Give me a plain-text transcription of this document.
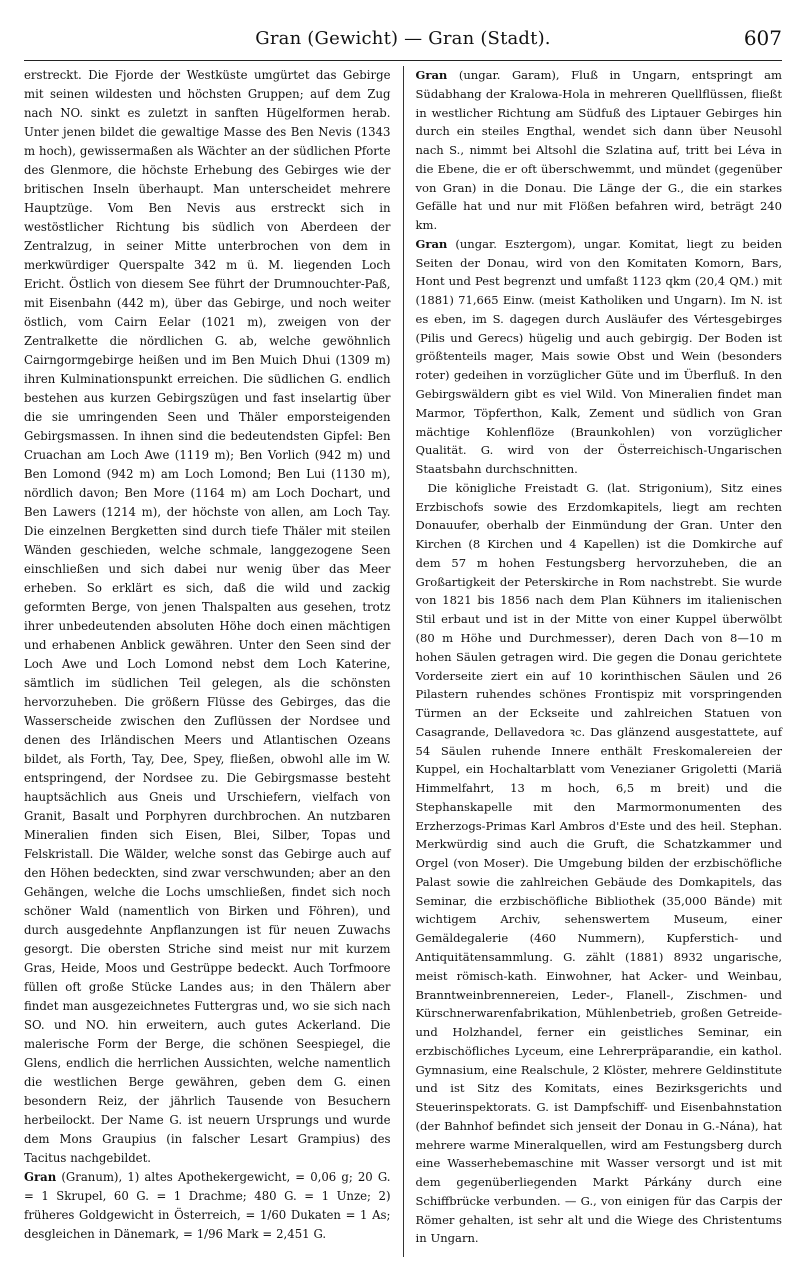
Gran (Gewicht) — Gran (Stadt).	607

erstreckt. Die Fjorde der Westküste umgürtet das Gebirge mit seinen wildesten und höchsten Gruppen; auf dem Zug nach NO. sinkt es zuletzt in sanften Hügelformen herab. Unter jenen bildet die gewaltige Masse des Ben Nevis (1343 m hoch), gewissermaßen als Wächter an der südlichen Pforte des Glenmore, die höchste Erhebung des Gebirges wie der britischen Inseln überhaupt. Man unterscheidet mehrere Hauptzüge. Vom Ben Nevis aus erstreckt sich in westöstlicher Richtung bis südlich von Aberdeen der Zentralzug, in seiner Mitte unterbrochen von dem in merkwürdiger Querspalte 342 m ü. M. liegenden Loch Ericht. Östlich von diesem See führt der Drumnouchter-Paß, mit Eisenbahn (442 m), über das Gebirge, und noch weiter östlich, vom Cairn Eelar (1021 m), zweigen von der Zentralkette die nördlichen G. ab, welche gewöhnlich Cairngormgebirge heißen und im Ben Muich Dhui (1309 m) ihren Kulminationspunkt erreichen. Die südlichen G. endlich bestehen aus kurzen Gebirgszügen und fast inselartig über die sie umringenden Seen und Thäler emporsteigenden Gebirgsmassen. In ihnen sind die bedeutendsten Gipfel: Ben Cruachan am Loch Awe (1119 m); Ben Vorlich (942 m) und Ben Lomond (942 m) am Loch Lomond; Ben Lui (1130 m), nördlich davon; Ben More (1164 m) am Loch Dochart, und Ben Lawers (1214 m), der höchste von allen, am Loch Tay. Die einzelnen Bergketten sind durch tiefe Thäler mit steilen Wänden geschieden, welche schmale, langgezogene Seen einschließen und sich dabei nur wenig über das Meer erheben. So erklärt es sich, daß die wild und zackig geformten Berge, von jenen Thalspalten aus gesehen, trotz ihrer unbedeutenden absoluten Höhe doch einen mächtigen und erhabenen Anblick gewähren. Unter den Seen sind der Loch Awe und Loch Lomond nebst dem Loch Katerine, sämtlich im südlichen Teil gelegen, als die schönsten hervorzuheben. Die größern Flüsse des Gebirges, das die Wasserscheide zwischen den Zuflüssen der Nordsee und denen des Irländischen Meers und Atlantischen Ozeans bildet, als Forth, Tay, Dee, Spey, fließen, obwohl alle im W. entspringend, der Nordsee zu. Die Gebirgsmasse besteht hauptsächlich aus Gneis und Urschiefern, vielfach von Granit, Basalt und Porphyren durchbrochen. An nutzbaren Mineralien finden sich Eisen, Blei, Silber, Topas und Felskristall. Die Wälder, welche sonst das Gebirge auch auf den Höhen bedeckten, sind zwar verschwunden; aber an den Gehängen, welche die Lochs umschließen, findet sich noch schöner Wald (namentlich von Birken und Föhren), und durch ausgedehnte Anpflanzungen ist für neuen Zuwachs gesorgt. Die obersten Striche sind meist nur mit kurzem Gras, Heide, Moos und Gestrüppe bedeckt. Auch Torfmoore füllen oft große Stücke Landes aus; in den Thälern aber findet man ausgezeichnetes Futtergras und, wo sie sich nach SO. und NO. hin erweitern, auch gutes Ackerland. Die malerische Form der Berge, die schönen Seespiegel, die Glens, endlich die herrlichen Aussichten, welche namentlich die westlichen Berge gewähren, geben dem G. einen besondern Reiz, der jährlich Tausende von Besuchern herbeilockt. Der Name G. ist neuern Ursprungs und wurde dem Mons Graupius (in falscher Lesart Grampius) des Tacitus nachgebildet.

Gran (Granum), 1) altes Apothekergewicht, = 0,06 g; 20 G. = 1 Skrupel, 60 G. = 1 Drachme; 480 G. = 1 Unze; 2) früheres Goldgewicht in Österreich, = 1/60 Dukaten = 1 As; desgleichen in Dänemark, = 1/96 Mark = 2,451 G.

Gran (ungar. Garam), Fluß in Ungarn, entspringt am Südabhang der Kralowa-Hola in mehreren Quellflüssen, fließt in westlicher Richtung am Südfuß des Liptauer Gebirges hin durch ein steiles Engthal, wendet sich dann über Neusohl nach S., nimmt bei Altsohl die Szlatina auf, tritt bei Léva in die Ebene, die er oft überschwemmt, und mündet (gegenüber von Gran) in die Donau. Die Länge der G., die ein starkes Gefälle hat und nur mit Flößen befahren wird, beträgt 240 km.

Gran (ungar. Esztergom), ungar. Komitat, liegt zu beiden Seiten der Donau, wird von den Komitaten Komorn, Bars, Hont und Pest begrenzt und umfaßt 1123 qkm (20,4 QM.) mit (1881) 71,665 Einw. (meist Katholiken und Ungarn). Im N. ist es eben, im S. dagegen durch Ausläufer des Vértesgebirges (Pilis und Gerecs) hügelig und auch gebirgig. Der Boden ist größtenteils mager, Mais sowie Obst und Wein (besonders roter) gedeihen in vorzüglicher Güte und im Überfluß. In den Gebirgswäldern gibt es viel Wild. Von Mineralien findet man Marmor, Töpferthon, Kalk, Zement und südlich von Gran mächtige Kohlenflöze (Braunkohlen) von vorzüglicher Qualität. G. wird von der Österreichisch-Ungarischen Staatsbahn durchschnitten.

Die königliche Freistadt G. (lat. Strigonium), Sitz eines Erzbischofs sowie des Erzdomkapitels, liegt am rechten Donauufer, oberhalb der Einmündung der Gran. Unter den Kirchen (8 Kirchen und 4 Kapellen) ist die Domkirche auf dem 57 m hohen Festungsberg hervorzuheben, die an Großartigkeit der Peterskirche in Rom nachstrebt. Sie wurde von 1821 bis 1856 nach dem Plan Kühners im italienischen Stil erbaut und ist in der Mitte von einer Kuppel überwölbt (80 m Höhe und Durchmesser), deren Dach von 8—10 m hohen Säulen getragen wird. Die gegen die Donau gerichtete Vorderseite ziert ein auf 10 korinthischen Säulen und 26 Pilastern ruhendes schönes Frontispiz mit vorspringenden Türmen an der Eckseite und zahlreichen Statuen von Casagrande, Dellavedora ꝛc. Das glänzend ausgestattete, auf 54 Säulen ruhende Innere enthält Freskomalereien der Kuppel, ein Hochaltarblatt vom Venezianer Grigoletti (Mariä Himmelfahrt, 13 m hoch, 6,5 m breit) und die Stephanskapelle mit den Marmormonumenten des Erzherzogs-Primas Karl Ambros d'Este und des heil. Stephan. Merkwürdig sind auch die Gruft, die Schatzkammer und Orgel (von Moser). Die Umgebung bilden der erzbischöfliche Palast sowie die zahlreichen Gebäude des Domkapitels, das Seminar, die erzbischöfliche Bibliothek (35,000 Bände) mit wichtigem Archiv, sehenswertem Museum, einer Gemäldegalerie (460 Nummern), Kupferstich- und Antiquitätensammlung. G. zählt (1881) 8932 ungarische, meist römisch-kath. Einwohner, hat Acker- und Weinbau, Branntweinbrennereien, Leder-, Flanell-, Zischmen- und Kürschnerwarenfabrikation, Mühlenbetrieb, großen Getreide- und Holzhandel, ferner ein geistliches Seminar, ein erzbischöfliches Lyceum, eine Lehrerpräparandie, ein kathol. Gymnasium, eine Realschule, 2 Klöster, mehrere Geldinstitute und ist Sitz des Komitats, eines Bezirksgerichts und Steuerinspektorats. G. ist Dampfschiff- und Eisenbahnstation (der Bahnhof befindet sich jenseit der Donau in G.-Nána), hat mehrere warme Mineralquellen, wird am Festungsberg durch eine Wasserhebemaschine mit Wasser versorgt und ist mit dem gegenüberliegenden Markt Párkány durch eine Schiffbrücke verbunden. — G., von einigen für das Carpis der Römer gehalten, ist sehr alt und die Wiege des Christentums in Ungarn.
